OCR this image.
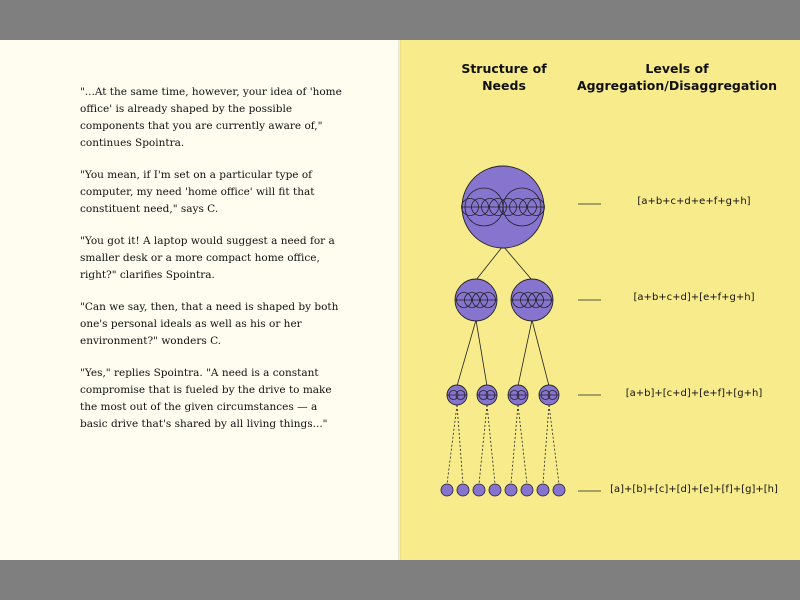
"...At the same time, however, your idea of 'home office' is already shaped by the possible components that you are currently aware of," continues Spointra.

"You mean, if I'm set on a particular type of computer, my need 'home office' will fit that constituent need," says C.

"You got it! A laptop would suggest a need for a smaller desk or a more compact home office, right?" clarifies Spointra.

"Can we say, then, that a need is shaped by both one's personal ideals as well as his or her environment?" wonders C.

"Yes," replies Spointra. "A need is a constant compromise that is fueled by the drive to make the most out of the given circumstances — a basic drive that's shared by all living things..."

Structure of
Needs
Levels of
Aggregation/Disaggregation
[a+b+c+d+e+f+g+h]
[a+b+c+d]+[e+f+g+h]
[a+b]+[c+d]+[e+f]+[g+h]
[a]+[b]+[c]+[d]+[e]+[f]+[g]+[h]
